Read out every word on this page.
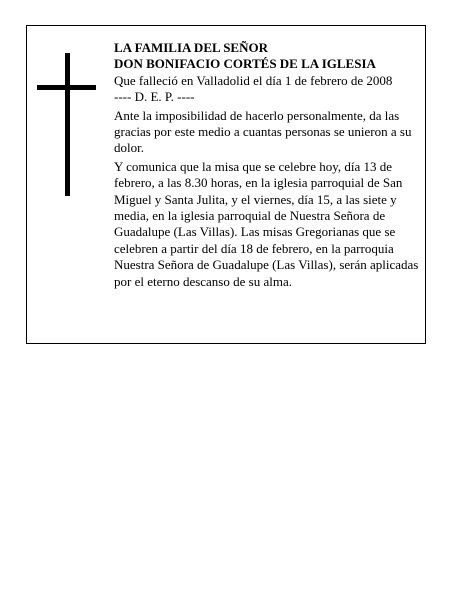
LA FAMILIA DEL SEÑOR
DON BONIFACIO CORTÉS DE LA IGLESIA
Que falleció en Valladolid el día 1 de febrero de 2008
---- D. E. P. ----
Ante la imposibilidad de hacerlo personalmente, da las gracias por este medio a cuantas personas se unieron a su dolor.
Y comunica que la misa que se celebre hoy, día 13 de febrero, a las 8.30 horas, en la iglesia parroquial de San Miguel y Santa Julita, y el viernes, día 15, a las siete y media, en la iglesia parroquial de Nuestra Señora de Guadalupe (Las Villas). Las misas Gregorianas que se celebren a partir del día 18 de febrero, en la parroquia Nuestra Señora de Guadalupe (Las Villas), serán aplicadas por el eterno descanso de su alma.
